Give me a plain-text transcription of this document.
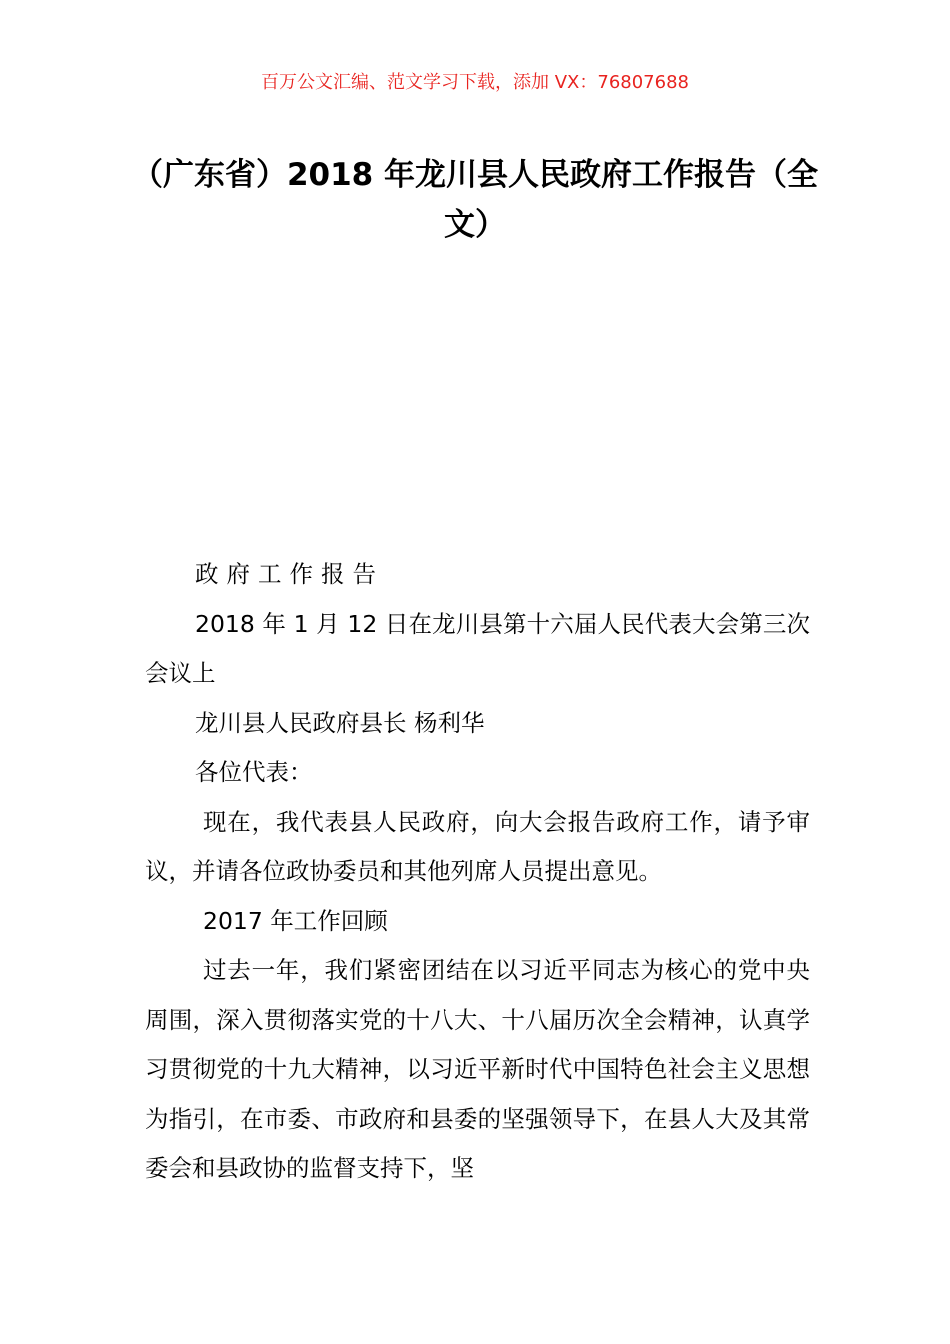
百万公文汇编、范文学习下载，添加 VX：76807688
（广东省）2018 年龙川县人民政府工作报告（全文）

政府工作报告

2018 年 1 月 12 日在龙川县第十六届人民代表大会第三次会议上

龙川县人民政府县长 杨利华

各位代表：

现在，我代表县人民政府，向大会报告政府工作，请予审议，并请各位政协委员和其他列席人员提出意见。

2017 年工作回顾

过去一年，我们紧密团结在以习近平同志为核心的党中央周围，深入贯彻落实党的十八大、十八届历次全会精神，认真学习贯彻党的十九大精神，以习近平新时代中国特色社会主义思想为指引，在市委、市政府和县委的坚强领导下，在县人大及其常委会和县政协的监督支持下，坚
